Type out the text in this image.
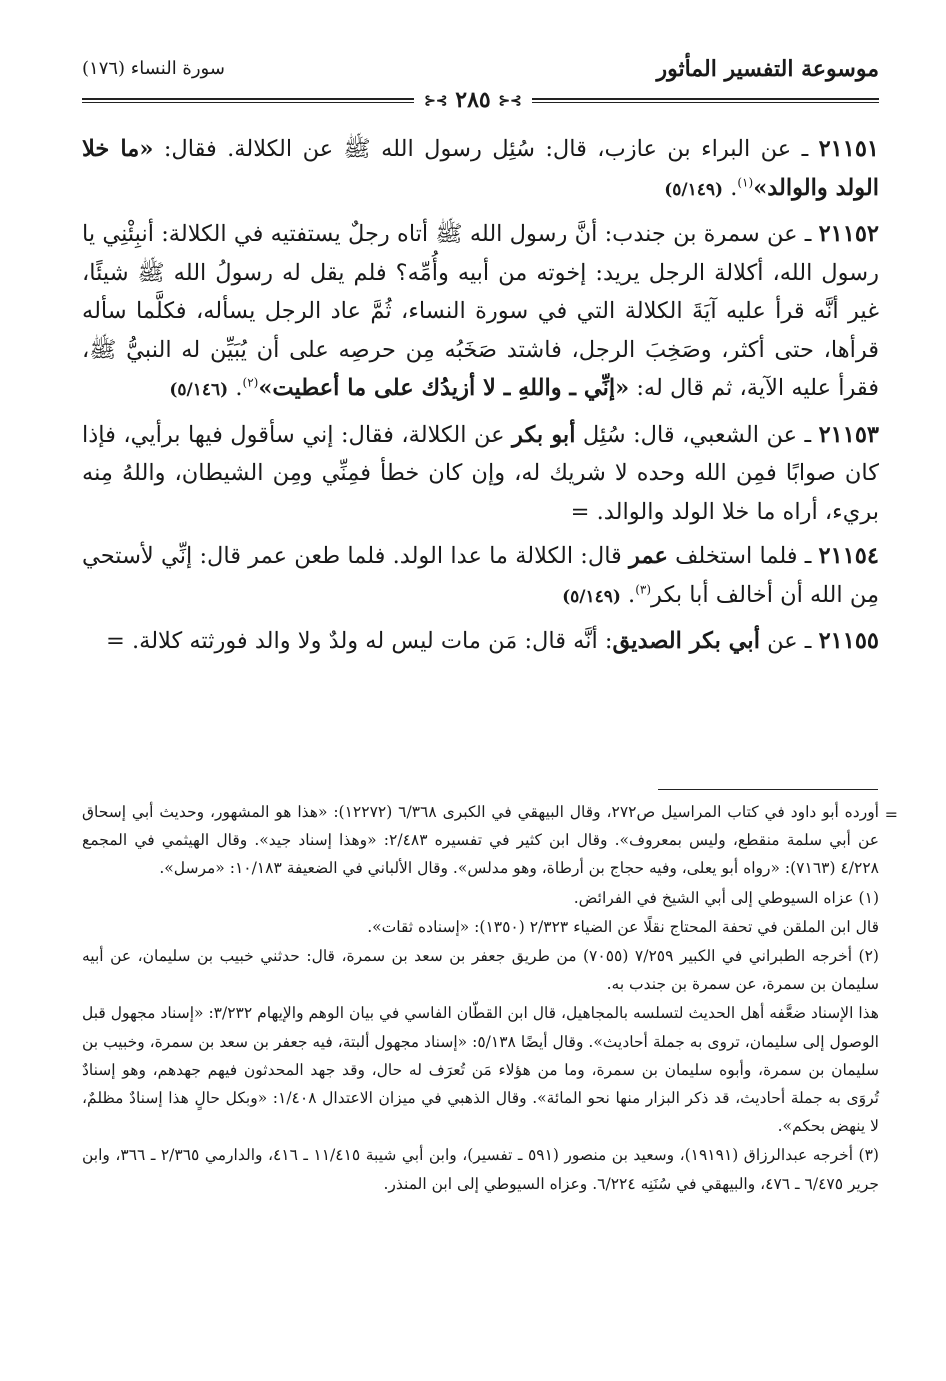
موسوعة التفسير المأثور
سورة النساء (١٧٦)
⊱⊰ ٢٨٥ ⊱⊰

٢١١٥١ ـ عن البراء بن عازب، قال: سُئِل رسول الله ﷺ عن الكلالة. فقال: «ما خلا الولد والوالد»$^{(١)}$. (٥/١٤٩)

٢١١٥٢ ـ عن سمرة بن جندب: أنَّ رسول الله ﷺ أتاه رجلٌ يستفتيه في الكلالة: أنبِئْنِي يا رسول الله، أكلالة الرجل يريد: إخوته من أبيه وأُمِّه؟ فلم يقل له رسولُ الله ﷺ شيئًا، غير أنَّه قرأ عليه آيَةَ الكلالة التي في سورة النساء، ثُمَّ عاد الرجل يسأله، فكلَّما سأله قرأها، حتى أكثر، وصَخِبَ الرجل، فاشتد صَخَبُه مِن حرصِه على أن يُبَيِّن له النبيُّ ﷺ، فقرأ عليه الآية، ثم قال له: «إنِّي ـ واللهِ ـ لا أزيدُك على ما أعطيت»$^{(٢)}$. (٥/١٤٦)

٢١١٥٣ ـ عن الشعبي، قال: سُئِل أبو بكر عن الكلالة، فقال: إني سأقول فيها برأيي، فإذا كان صوابًا فمِن الله وحده لا شريك له، وإن كان خطأ فمِنِّي ومِن الشيطان، واللهُ مِنه بريء، أراه ما خلا الولد والوالد. =

٢١١٥٤ ـ فلما استخلف عمر قال: الكلالة ما عدا الولد. فلما طعن عمر قال: إنِّي لأستحي مِن الله أن أخالف أبا بكر$^{(٣)}$. (٥/١٤٩)

٢١١٥٥ ـ عن أبي بكر الصديق: أنَّه قال: مَن مات ليس له ولدٌ ولا والد فورثته كلالة. =

=

أورده أبو داود في كتاب المراسيل ص٢٧٢، وقال البيهقي في الكبرى ٦/٣٦٨ (١٢٢٧٢): «هذا هو المشهور، وحديث أبي إسحاق عن أبي سلمة منقطع، وليس بمعروف». وقال ابن كثير في تفسيره ٢/٤٨٣: «وهذا إسناد جيد». وقال الهيثمي في المجمع ٤/٢٢٨ (٧١٦٣): «رواه أبو يعلى، وفيه حجاج بن أرطاة، وهو مدلس». وقال الألباني في الضعيفة ١٠/١٨٣: «مرسل».

(١) عزاه السيوطي إلى أبي الشيخ في الفرائض.

قال ابن الملقن في تحفة المحتاج نقلًا عن الضياء ٢/٣٢٣ (١٣٥٠): «إسناده ثقات».

(٢) أخرجه الطبراني في الكبير ٧/٢٥٩ (٧٠٥٥) من طريق جعفر بن سعد بن سمرة، قال: حدثني خبيب بن سليمان، عن أبيه سليمان بن سمرة، عن سمرة بن جندب به.

هذا الإسناد ضعَّفه أهل الحديث لتسلسه بالمجاهيل، قال ابن القطّان الفاسي في بيان الوهم والإيهام ٣/٢٣٢: «إسناد مجهول قبل الوصول إلى سليمان، تروى به جملة أحاديث». وقال أيضًا ٥/١٣٨: «إسناد مجهول ألبتة، فيه جعفر بن سعد بن سمرة، وخبيب بن سليمان بن سمرة، وأبوه سليمان بن سمرة، وما من هؤلاء مَن تُعرَف له حال، وقد جهد المحدثون فيهم جهدهم، وهو إسنادٌ تُروَى به جملة أحاديث، قد ذكر البزار منها نحو المائة». وقال الذهبي في ميزان الاعتدال ١/٤٠٨: «وبكل حالٍ هذا إسنادٌ مظلمٌ، لا ينهض بحكم».

(٣) أخرجه عبدالرزاق (١٩١٩١)، وسعيد بن منصور (٥٩١ ـ تفسير)، وابن أبي شيبة ١١/٤١٥ ـ ٤١٦، والدارمي ٢/٣٦٥ ـ ٣٦٦، وابن جرير ٦/٤٧٥ ـ ٤٧٦، والبيهقي في سُنَنِه ٦/٢٢٤. وعزاه السيوطي إلى ابن المنذر.
